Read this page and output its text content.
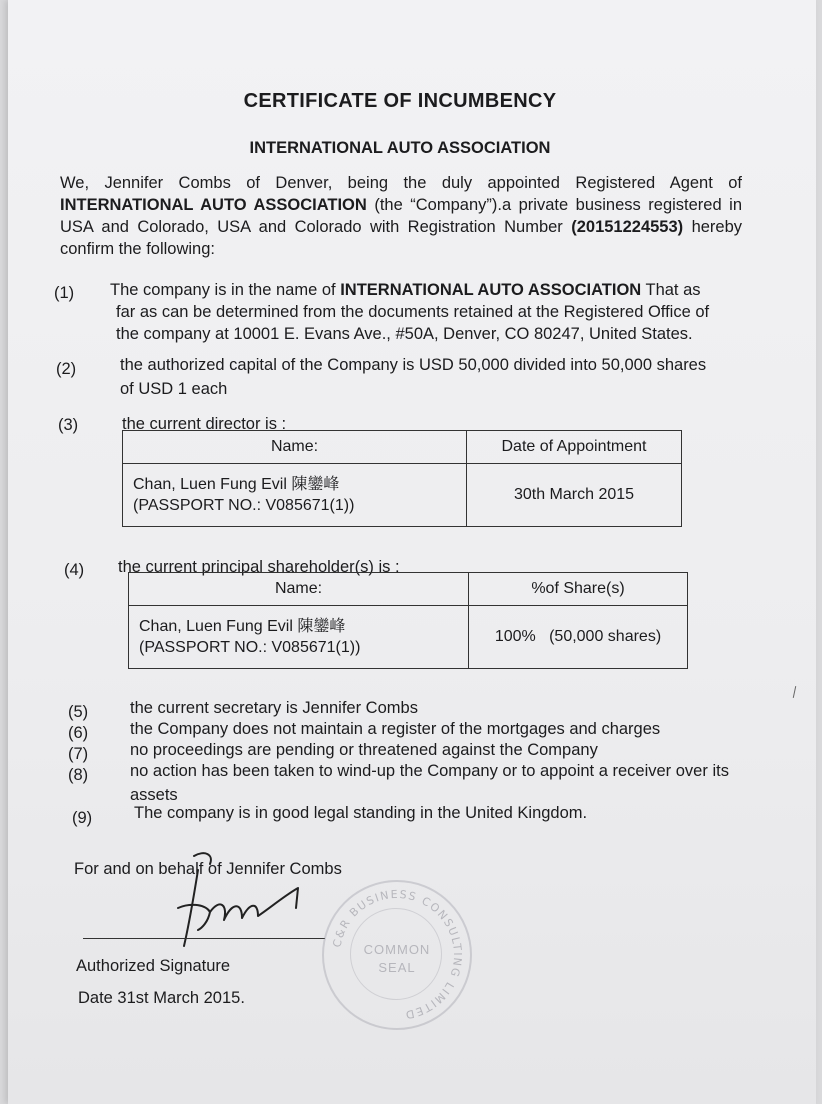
CERTIFICATE OF INCUMBENCY
INTERNATIONAL AUTO ASSOCIATION
We, Jennifer Combs of Denver, being the duly appointed Registered Agent of INTERNATIONAL AUTO ASSOCIATION (the “Company”).a private business registered in USA and Colorado, USA and Colorado with Registration Number (20151224553) hereby confirm the following:
(1) The company is in the name of INTERNATIONAL AUTO ASSOCIATION That as
far as can be determined from the documents retained at the Registered Office of
the company at 10001 E. Evans Ave., #50A, Denver, CO 80247, United States.
(2)	the authorized capital of the Company is USD 50,000 divided into 50,000 shares
of USD 1 each
(3)	the current director is :
Name:	Date of Appointment

Chan, Luen Fung Evil 陳鑾峰
(PASSPORT NO.: V085671(1))	30th March 2015
(4) the current principal shareholder(s) is :
Name:	%of Share(s)

Chan, Luen Fung Evil 陳鑾峰
(PASSPORT NO.: V085671(1))	100%   (50,000 shares)
(5)	the current secretary is Jennifer Combs
(6)	the Company does not maintain a register of the mortgages and charges
(7)	no proceedings are pending or threatened against the Company
(8)	no action has been taken to wind-up the Company or to appoint a receiver over its
assets
(9)	The company is in good legal standing in the United Kingdom.
For and on behalf of Jennifer Combs
Authorized Signature
Date 31st March 2015.
C&R BUSINESS CONSULTING LIMITED
COMMON
SEAL
